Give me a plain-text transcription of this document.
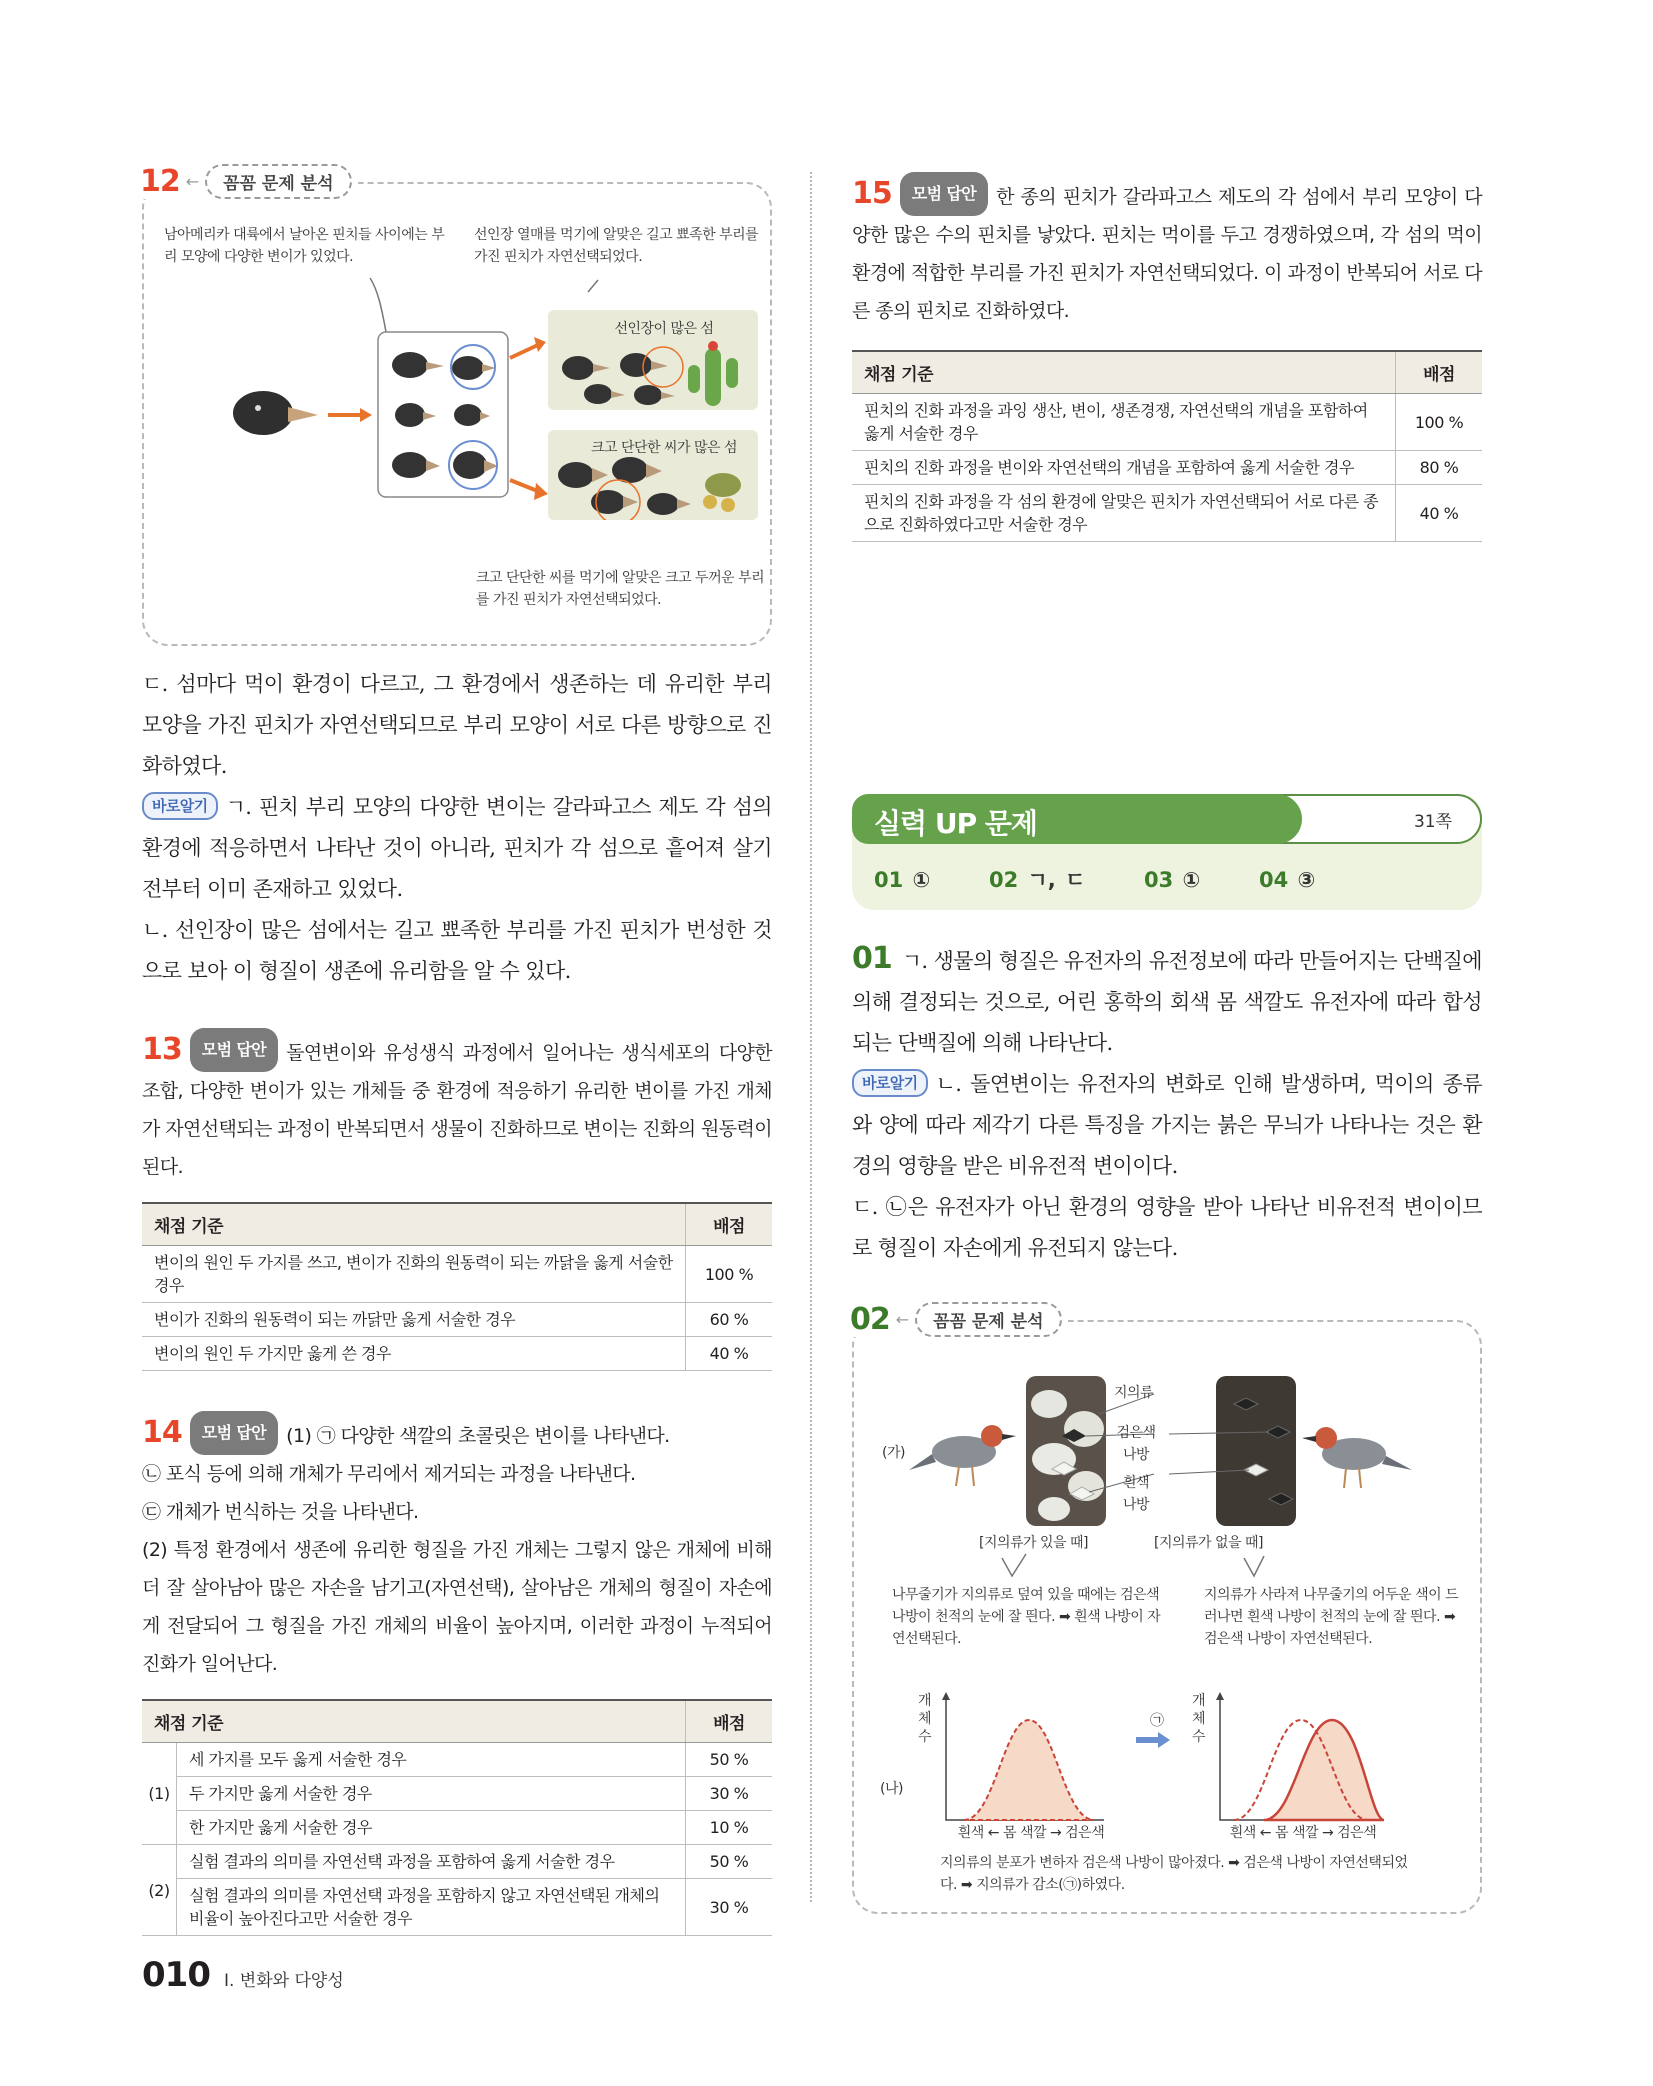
12 ←	꼼꼼 문제 분석
남아메리카 대륙에서 날아온 핀치들 사이에는 부리 모양에 다양한 변이가 있었다.
선인장 열매를 먹기에 알맞은 길고 뾰족한 부리를 가진 핀치가 자연선택되었다.
선인장이 많은 섬
크고 단단한 씨가 많은 섬
크고 단단한 씨를 먹기에 알맞은 크고 두꺼운 부리를 가진 핀치가 자연선택되었다.

ㄷ. 섬마다 먹이 환경이 다르고, 그 환경에서 생존하는 데 유리한 부리 모양을 가진 핀치가 자연선택되므로 부리 모양이 서로 다른 방향으로 진화하였다.

바로알기 ㄱ. 핀치 부리 모양의 다양한 변이는 갈라파고스 제도 각 섬의 환경에 적응하면서 나타난 것이 아니라, 핀치가 각 섬으로 흩어져 살기 전부터 이미 존재하고 있었다.

ㄴ. 선인장이 많은 섬에서는 길고 뾰족한 부리를 가진 핀치가 번성한 것으로 보아 이 형질이 생존에 유리함을 알 수 있다.

13 모범 답안 돌연변이와 유성생식 과정에서 일어나는 생식세포의 다양한 조합, 다양한 변이가 있는 개체들 중 환경에 적응하기 유리한 변이를 가진 개체가 자연선택되는 과정이 반복되면서 생물이 진화하므로 변이는 진화의 원동력이 된다.

채점 기준	배점
변이의 원인 두 가지를 쓰고, 변이가 진화의 원동력이 되는 까닭을 옳게 서술한 경우	100 %
변이가 진화의 원동력이 되는 까닭만 옳게 서술한 경우	60 %
변이의 원인 두 가지만 옳게 쓴 경우	40 %

14 모범 답안 (1) ㉠ 다양한 색깔의 초콜릿은 변이를 나타낸다.

㉡ 포식 등에 의해 개체가 무리에서 제거되는 과정을 나타낸다.

㉢ 개체가 번식하는 것을 나타낸다.

(2) 특정 환경에서 생존에 유리한 형질을 가진 개체는 그렇지 않은 개체에 비해 더 잘 살아남아 많은 자손을 남기고(자연선택), 살아남은 개체의 형질이 자손에게 전달되어 그 형질을 가진 개체의 비율이 높아지며, 이러한 과정이 누적되어 진화가 일어난다.

채점 기준		배점
(1)	세 가지를 모두 옳게 서술한 경우	50 %
	두 가지만 옳게 서술한 경우	30 %
	한 가지만 옳게 서술한 경우	10 %
(2)	실험 결과의 의미를 자연선택 과정을 포함하여 옳게 서술한 경우	50 %
	실험 결과의 의미를 자연선택 과정을 포함하지 않고 자연선택된 개체의 비율이 높아진다고만 서술한 경우	30 %

15 모범 답안 한 종의 핀치가 갈라파고스 제도의 각 섬에서 부리 모양이 다양한 많은 수의 핀치를 낳았다. 핀치는 먹이를 두고 경쟁하였으며, 각 섬의 먹이 환경에 적합한 부리를 가진 핀치가 자연선택되었다. 이 과정이 반복되어 서로 다른 종의 핀치로 진화하였다.

채점 기준	배점
핀치의 진화 과정을 과잉 생산, 변이, 생존경쟁, 자연선택의 개념을 포함하여 옳게 서술한 경우	100 %
핀치의 진화 과정을 변이와 자연선택의 개념을 포함하여 옳게 서술한 경우	80 %
핀치의 진화 과정을 각 섬의 환경에 알맞은 핀치가 자연선택되어 서로 다른 종으로 진화하였다고만 서술한 경우	40 %
실력 UP 문제	31쪽
01 ①	02 ㄱ, ㄷ	03 ①	04 ③

01 ㄱ. 생물의 형질은 유전자의 유전정보에 따라 만들어지는 단백질에 의해 결정되는 것으로, 어린 홍학의 회색 몸 색깔도 유전자에 따라 합성되는 단백질에 의해 나타난다.

바로알기 ㄴ. 돌연변이는 유전자의 변화로 인해 발생하며, 먹이의 종류와 양에 따라 제각기 다른 특징을 가지는 붉은 무늬가 나타나는 것은 환경의 영향을 받은 비유전적 변이이다.

ㄷ. ㉡은 유전자가 아닌 환경의 영향을 받아 나타난 비유전적 변이이므로 형질이 자손에게 유전되지 않는다.

02 ←	꼼꼼 문제 분석
(가)
지의류
검은색 나방
흰색 나방
[지의류가 있을 때]	[지의류가 없을 때]
나무줄기가 지의류로 덮여 있을 때에는 검은색 나방이 천적의 눈에 잘 띈다. ➡ 흰색 나방이 자연선택된다.
지의류가 사라져 나무줄기의 어두운 색이 드러나면 흰색 나방이 천적의 눈에 잘 띈다. ➡ 검은색 나방이 자연선택된다.
(나)
개체수
개체수
㉠
흰색 ← 몸 색깔 → 검은색	흰색 ← 몸 색깔 → 검은색
지의류의 분포가 변하자 검은색 나방이 많아졌다. ➡ 검은색 나방이 자연선택되었다. ➡ 지의류가 감소(㉠)하였다.
010 Ⅰ. 변화와 다양성
